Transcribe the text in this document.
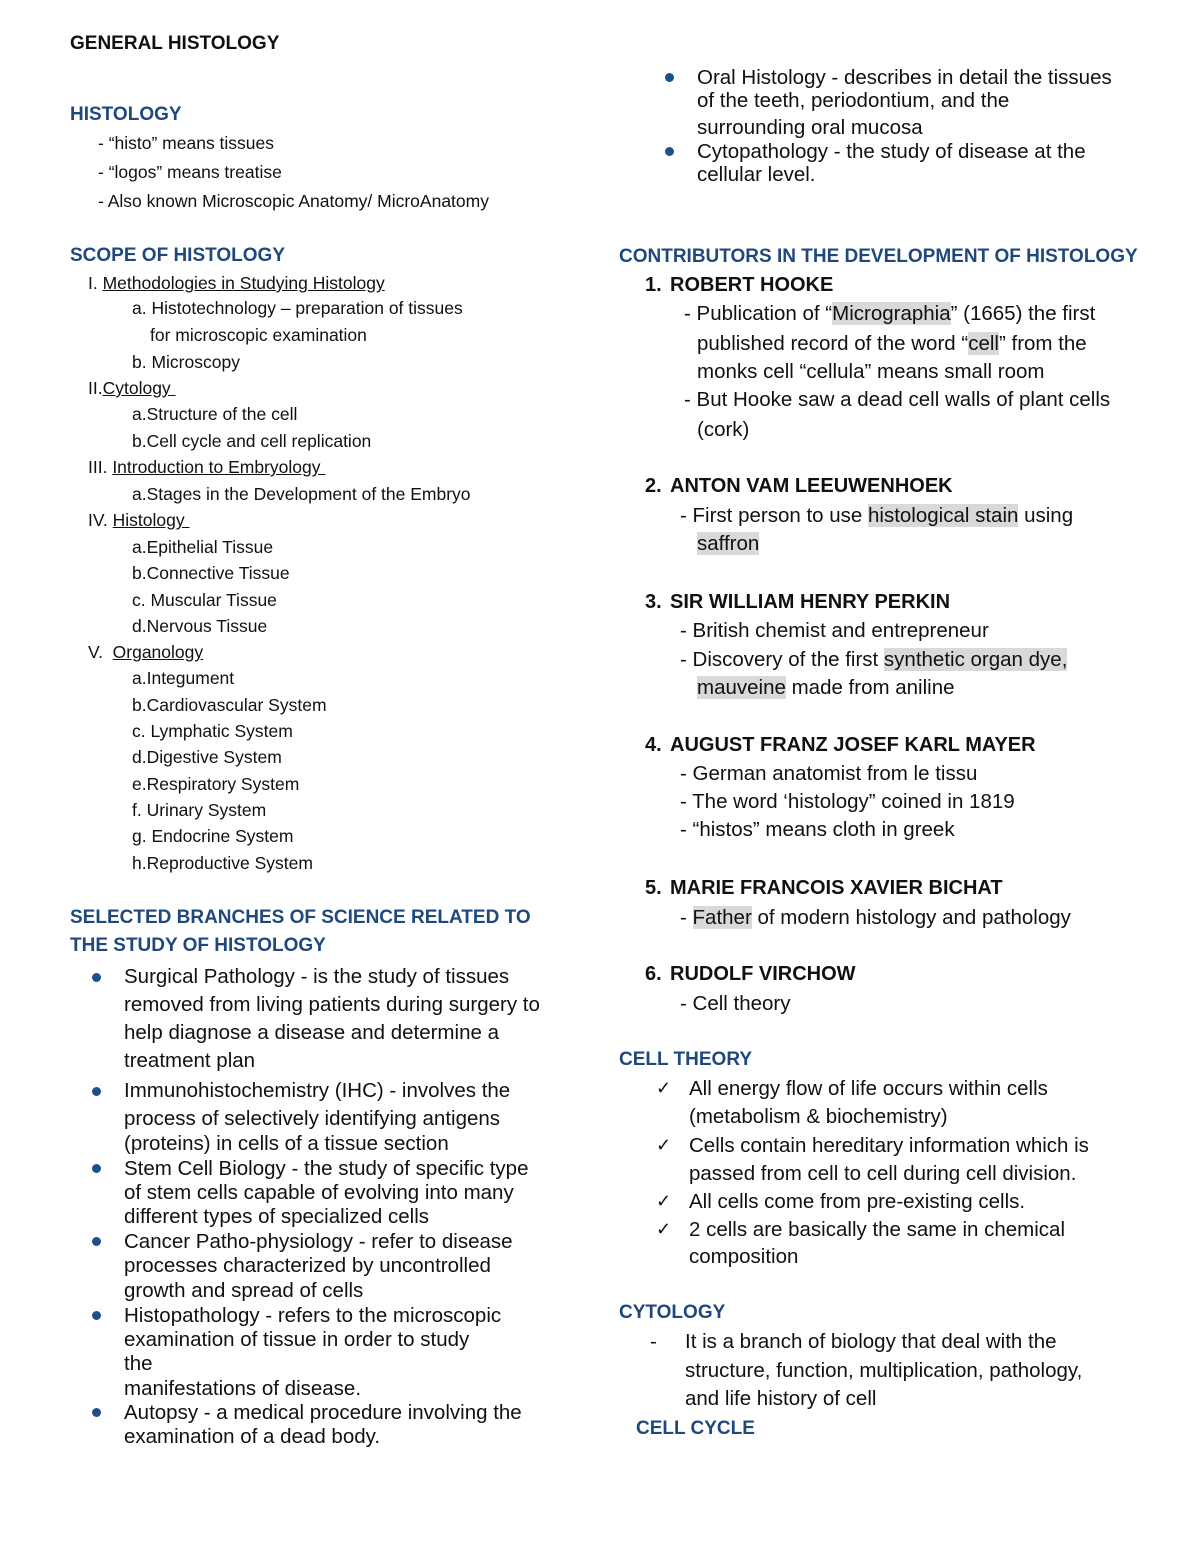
GENERAL HISTOLOGY
HISTOLOGY
- “histo” means tissues
- “logos” means treatise
- Also known Microscopic Anatomy/ MicroAnatomy
SCOPE OF HISTOLOGY
I. Methodologies in Studying Histology
a. Histotechnology – preparation of tissues
for microscopic examination
b. Microscopy
II.Cytology
a.Structure of the cell
b.Cell cycle and cell replication
III. Introduction to Embryology
a.Stages in the Development of the Embryo
IV. Histology
a.Epithelial Tissue
b.Connective Tissue
c. Muscular Tissue
d.Nervous Tissue
V.  Organology
a.Integument
b.Cardiovascular System
c. Lymphatic System
d.Digestive System
e.Respiratory System
f. Urinary System
g. Endocrine System
h.Reproductive System
SELECTED BRANCHES OF SCIENCE RELATED TO
THE STUDY OF HISTOLOGY
Surgical Pathology - is the study of tissues
removed from living patients during surgery to
help diagnose a disease and determine a
treatment plan
Immunohistochemistry (IHC) - involves the
process of selectively identifying antigens
(proteins) in cells of a tissue section
Stem Cell Biology - the study of specific type
of stem cells capable of evolving into many
different types of specialized cells
Cancer Patho-physiology - refer to disease
processes characterized by uncontrolled
growth and spread of cells
Histopathology - refers to the microscopic
examination of tissue in order to study
the
manifestations of disease.
Autopsy - a medical procedure involving the
examination of a dead body.
Oral Histology - describes in detail the tissues
of the teeth, periodontium, and the
surrounding oral mucosa
Cytopathology - the study of disease at the
cellular level.
CONTRIBUTORS IN THE DEVELOPMENT OF HISTOLOGY
1. ROBERT HOOKE
- Publication of “Micrographia” (1665) the first
published record of the word “cell” from the
monks cell “cellula” means small room
- But Hooke saw a dead cell walls of plant cells
(cork)
2. ANTON VAM LEEUWENHOEK
- First person to use histological stain using
saffron
3. SIR WILLIAM HENRY PERKIN
- British chemist and entrepreneur
- Discovery of the first synthetic organ dye,
mauveine made from aniline
4. AUGUST FRANZ JOSEF KARL MAYER
- German anatomist from le tissu
- The word ‘histology” coined in 1819
- “histos” means cloth in greek
5. MARIE FRANCOIS XAVIER BICHAT
- Father of modern histology and pathology
6. RUDOLF VIRCHOW
- Cell theory
CELL THEORY
✓ All energy flow of life occurs within cells
(metabolism & biochemistry)
✓ Cells contain hereditary information which is
passed from cell to cell during cell division.
✓ All cells come from pre-existing cells.
✓ 2 cells are basically the same in chemical
composition
CYTOLOGY
- It is a branch of biology that deal with the
structure, function, multiplication, pathology,
and life history of cell
CELL CYCLE
